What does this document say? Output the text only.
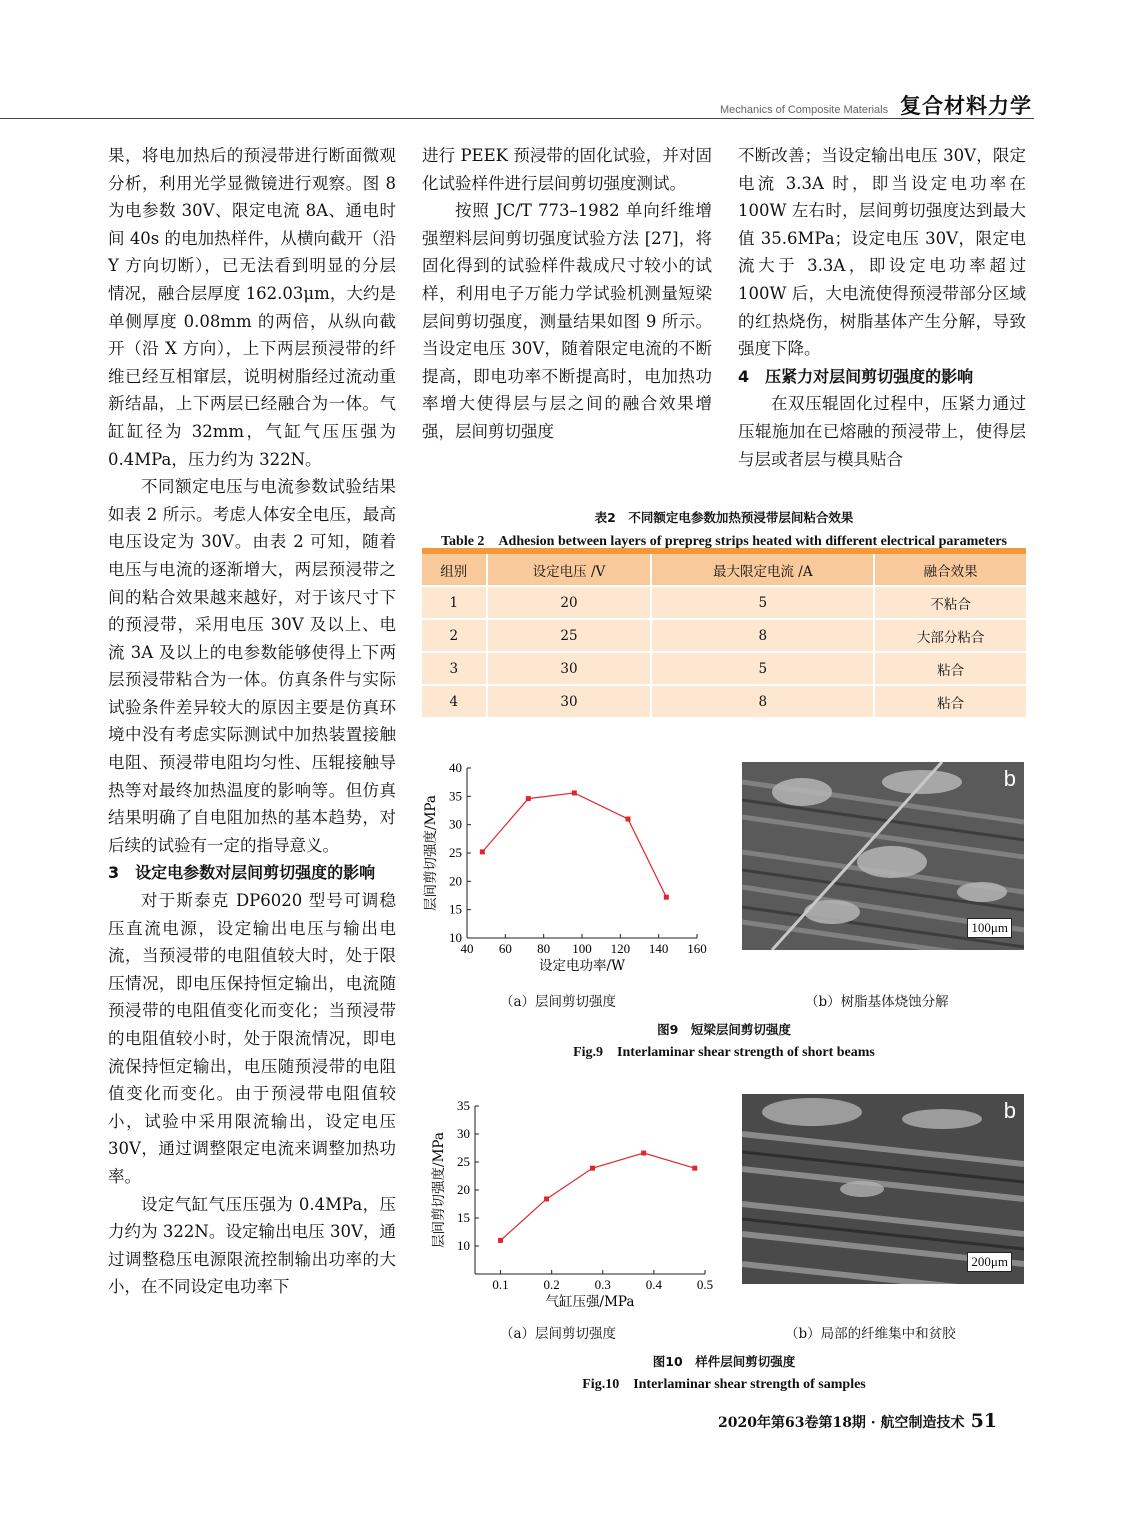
Mechanics of Composite Materials 复合材料力学

果，将电加热后的预浸带进行断面微观分析，利用光学显微镜进行观察。图 8 为电参数 30V、限定电流 8A、通电时间 40s 的电加热样件，从横向截开（沿 Y 方向切断），已无法看到明显的分层情况，融合层厚度 162.03μm，大约是单侧厚度 0.08mm 的两倍，从纵向截开（沿 X 方向），上下两层预浸带的纤维已经互相窜层，说明树脂经过流动重新结晶，上下两层已经融合为一体。气缸缸径为 32mm，气缸气压压强为 0.4MPa，压力约为 322N。

不同额定电压与电流参数试验结果如表 2 所示。考虑人体安全电压，最高电压设定为 30V。由表 2 可知，随着电压与电流的逐渐增大，两层预浸带之间的粘合效果越来越好，对于该尺寸下的预浸带，采用电压 30V 及以上、电流 3A 及以上的电参数能够使得上下两层预浸带粘合为一体。仿真条件与实际试验条件差异较大的原因主要是仿真环境中没有考虑实际测试中加热装置接触电阻、预浸带电阻均匀性、压辊接触导热等对最终加热温度的影响等。但仿真结果明确了自电阻加热的基本趋势，对后续的试验有一定的指导意义。

3　设定电参数对层间剪切强度的影响

对于斯泰克 DP6020 型号可调稳压直流电源，设定输出电压与输出电流，当预浸带的电阻值较大时，处于限压情况，即电压保持恒定输出，电流随预浸带的电阻值变化而变化；当预浸带的电阻值较小时，处于限流情况，即电流保持恒定输出，电压随预浸带的电阻值变化而变化。由于预浸带电阻值较小，试验中采用限流输出，设定电压 30V，通过调整限定电流来调整加热功率。

设定气缸气压压强为 0.4MPa，压力约为 322N。设定输出电压 30V，通过调整稳压电源限流控制输出功率的大小，在不同设定电功率下

进行 PEEK 预浸带的固化试验，并对固化试验样件进行层间剪切强度测试。

按照 JC/T 773–1982 单向纤维增强塑料层间剪切强度试验方法 [27]，将固化得到的试验样件裁成尺寸较小的试样，利用电子万能力学试验机测量短梁层间剪切强度，测量结果如图 9 所示。当设定电压 30V，随着限定电流的不断提高，即电功率不断提高时，电加热功率增大使得层与层之间的融合效果增强，层间剪切强度

不断改善；当设定输出电压 30V，限定电流 3.3A 时，即当设定电功率在 100W 左右时，层间剪切强度达到最大值 35.6MPa；设定电压 30V，限定电流大于 3.3A，即设定电功率超过 100W 后，大电流使得预浸带部分区域的红热烧伤，树脂基体产生分解，导致强度下降。

4　压紧力对层间剪切强度的影响

在双压辊固化过程中，压紧力通过压辊施加在已熔融的预浸带上，使得层与层或者层与模具贴合

表2　不同额定电参数加热预浸带层间粘合效果
Table 2　Adhesion between layers of prepreg strips heated with different electrical parameters
组别	设定电压 /V	最大限定电流 /A	融合效果
1	20	5	不粘合
2	25	8	大部分粘合
3	30	5	粘合
4	30	8	粘合
10
15
20
25
30
35
40
40 60 80 100 120 140 160
设定电功率/W
层间剪切强度/MPa
b
100μm
（a）层间剪切强度	（b）树脂基体烧蚀分解
图9　短梁层间剪切强度
Fig.9　Interlaminar shear strength of short beams
10
15
20
25
30
35
0.1	0.2	0.3	0.4	0.5
气缸压强/MPa
层间剪切强度/MPa
b
200μm
（a）层间剪切强度	（b）局部的纤维集中和贫胶
图10　样件层间剪切强度
Fig.10　Interlaminar shear strength of samples
2020年第63卷第18期 · 航空制造技术 51
